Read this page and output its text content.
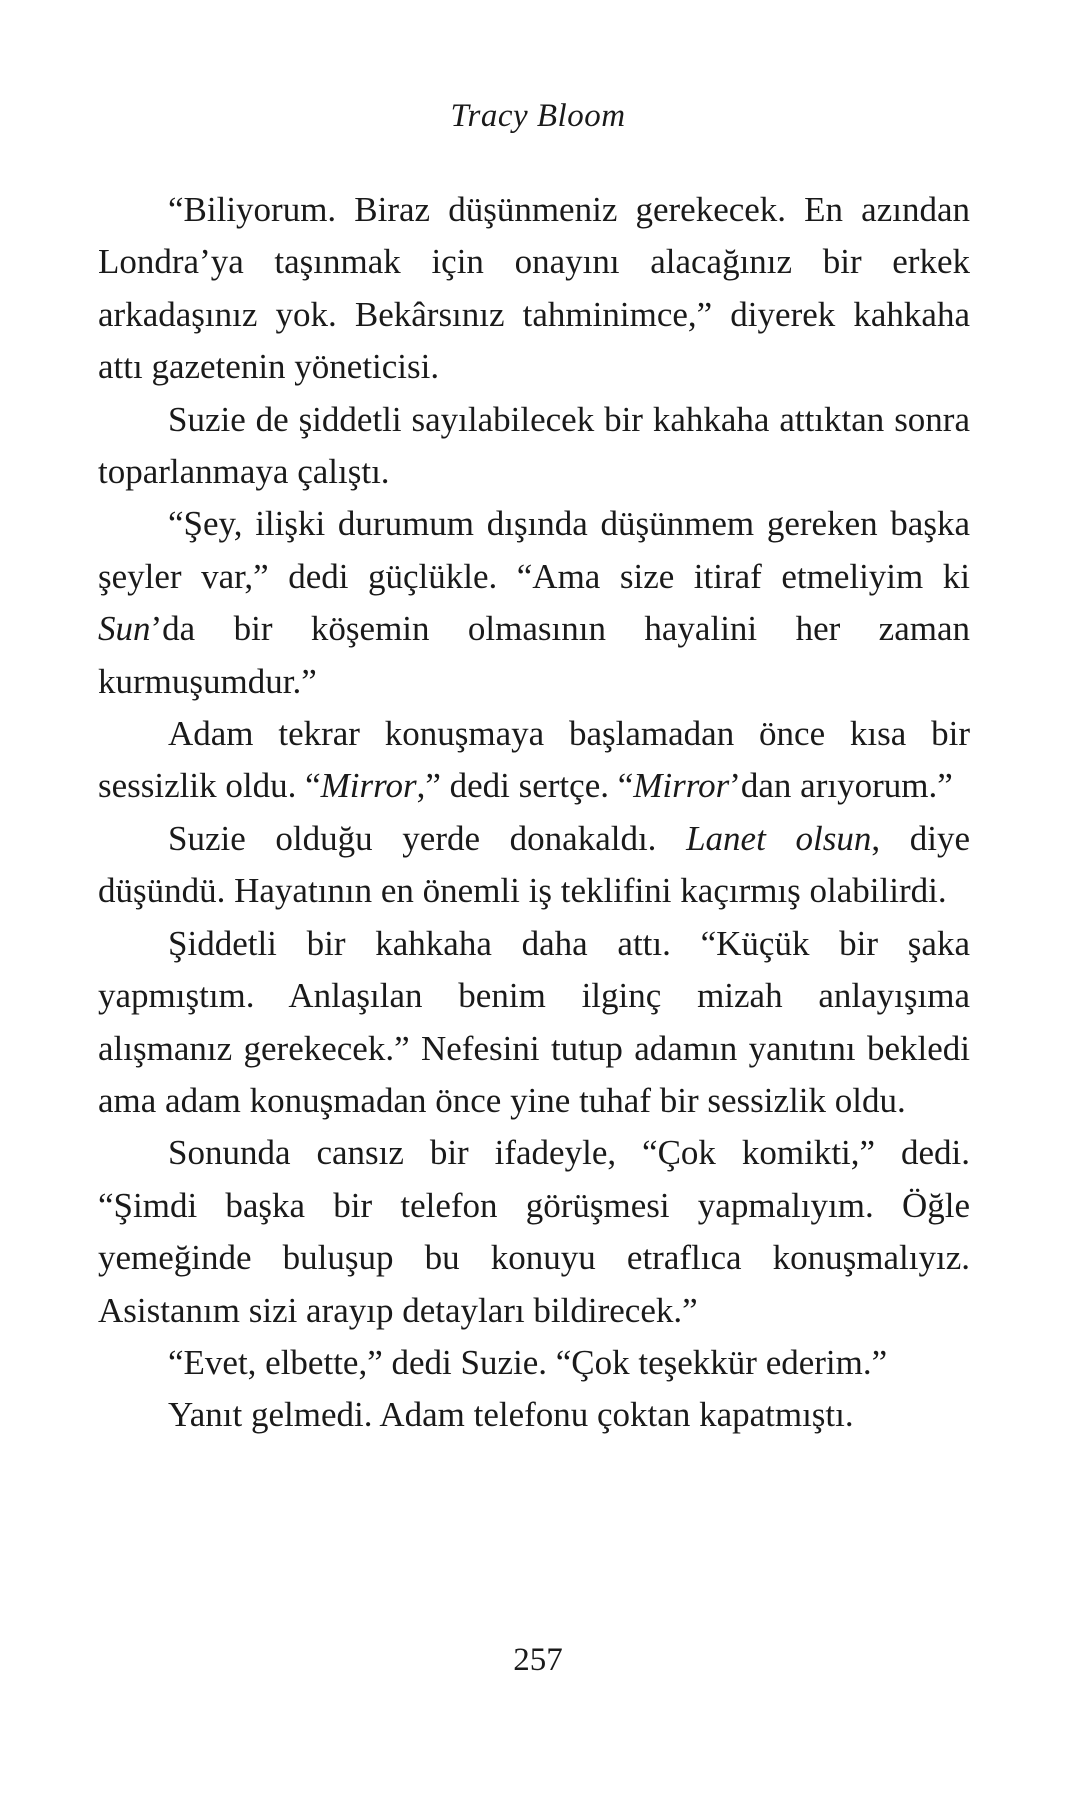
Tracy Bloom

“Biliyorum. Biraz düşünmeniz gerekecek. En azından Londra’ya taşınmak için onayını alacağınız bir erkek arkadaşınız yok. Bekârsınız tahminimce,” diyerek kahkaha attı gazetenin yöneticisi.

Suzie de şiddetli sayılabilecek bir kahkaha attıktan sonra toparlanmaya çalıştı.

“Şey, ilişki durumum dışında düşünmem gereken başka şeyler var,” dedi güçlükle. “Ama size itiraf etmeliyim ki Sun’da bir köşemin olmasının hayalini her zaman kurmuşumdur.”

Adam tekrar konuşmaya başlamadan önce kısa bir sessizlik oldu. “Mirror,” dedi sertçe. “Mirror’dan arıyorum.”

Suzie olduğu yerde donakaldı. Lanet olsun, diye düşündü. Hayatının en önemli iş teklifini kaçırmış olabilirdi.

Şiddetli bir kahkaha daha attı. “Küçük bir şaka yapmıştım. Anlaşılan benim ilginç mizah anlayışıma alışmanız gerekecek.” Nefesini tutup adamın yanıtını bekledi ama adam konuşmadan önce yine tuhaf bir sessizlik oldu.

Sonunda cansız bir ifadeyle, “Çok komikti,” dedi. “Şimdi başka bir telefon görüşmesi yapmalıyım. Öğle yemeğinde buluşup bu konuyu etraflıca konuşmalıyız. Asistanım sizi arayıp detayları bildirecek.”

“Evet, elbette,” dedi Suzie. “Çok teşekkür ederim.”

Yanıt gelmedi. Adam telefonu çoktan kapatmıştı.

257
